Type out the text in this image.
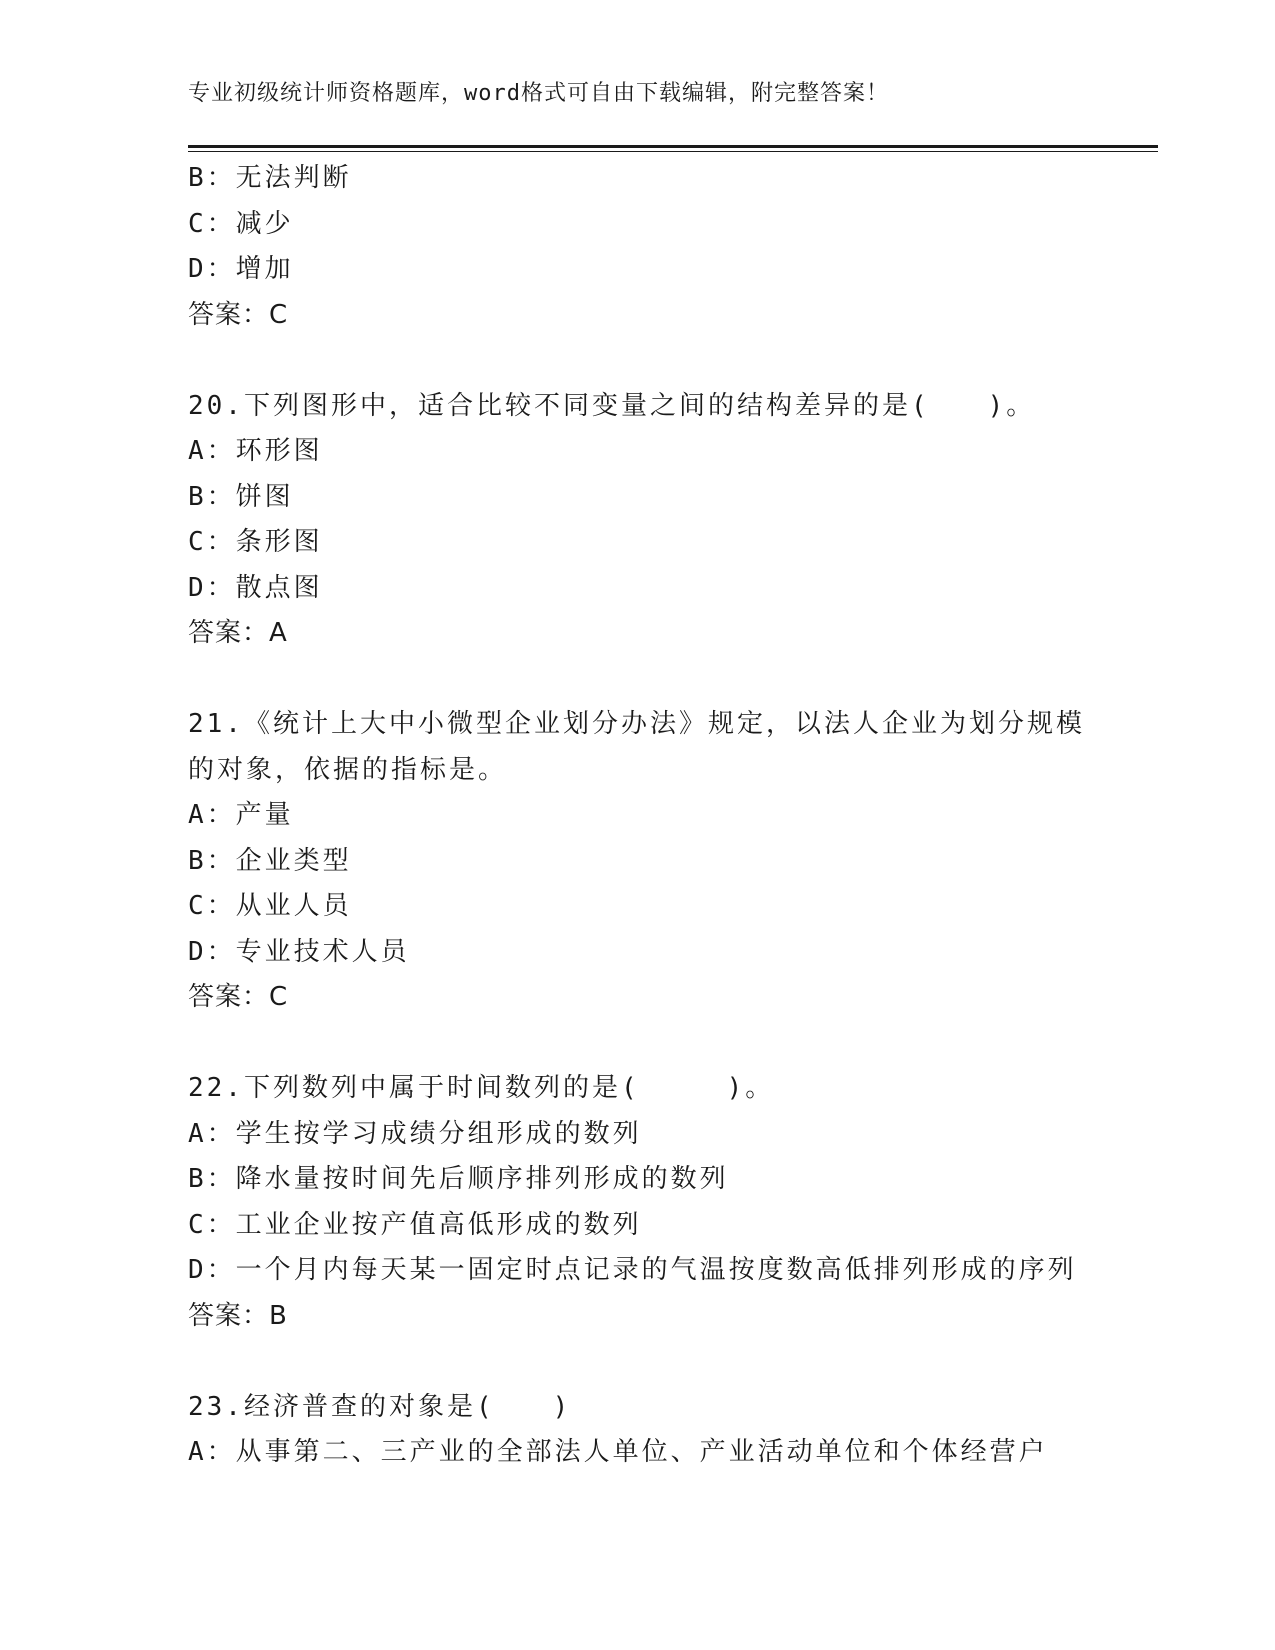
专业初级统计师资格题库，word格式可自由下载编辑，附完整答案！
B：无法判断
C：减少
D：增加
答案：C
20.下列图形中，适合比较不同变量之间的结构差异的是(　　)。
A：环形图
B：饼图
C：条形图
D：散点图
答案：A
21.《统计上大中小微型企业划分办法》规定，以法人企业为划分规模
的对象，依据的指标是。
A：产量
B：企业类型
C：从业人员
D：专业技术人员
答案：C
22.下列数列中属于时间数列的是(　　　)。
A：学生按学习成绩分组形成的数列
B：降水量按时间先后顺序排列形成的数列
C：工业企业按产值高低形成的数列
D：一个月内每天某一固定时点记录的气温按度数高低排列形成的序列
答案：B
23.经济普查的对象是(　　)
A：从事第二、三产业的全部法人单位、产业活动单位和个体经营户
